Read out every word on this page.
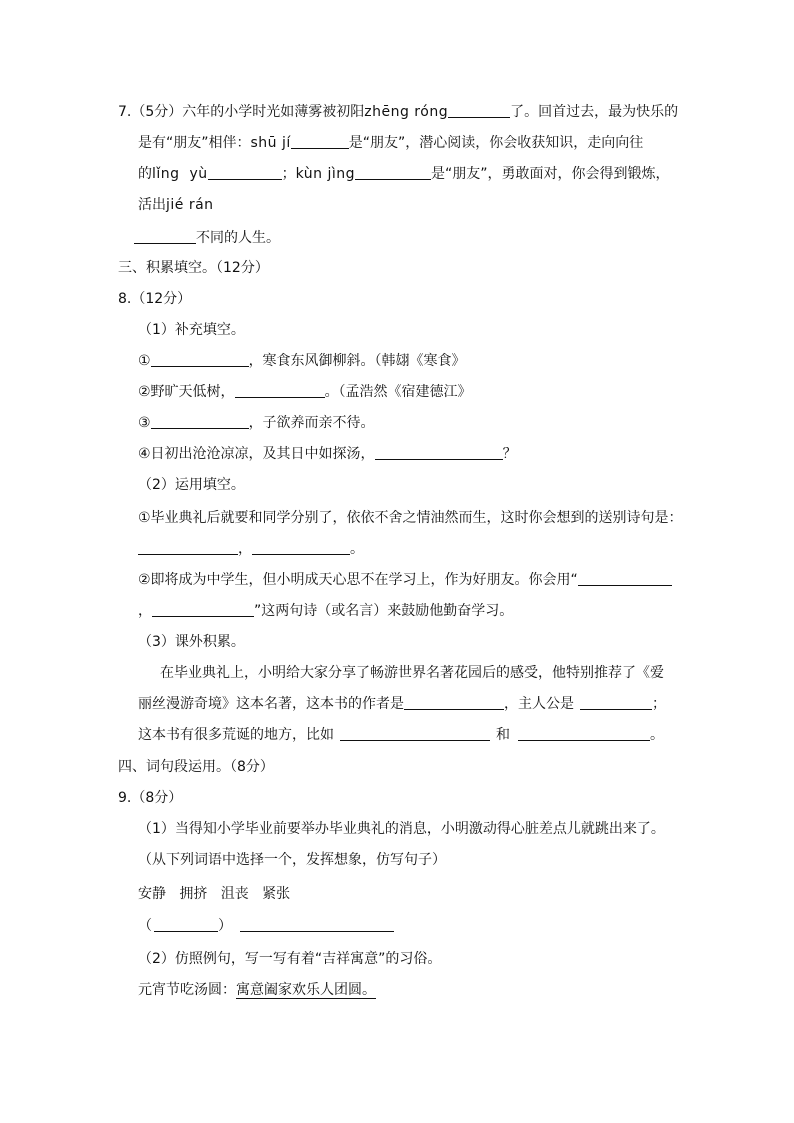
7.（5分）六年的小学时光如薄雾被初阳zhēng róng	了。回首过去，最为快乐的
是有“朋友”相伴：shū jí	是“朋友”，潜心阅读，你会收获知识，走向向往
的lǐng  yù	；kùn jìng	是“朋友”，勇敢面对，你会得到锻炼，
活出jié rán
不同的人生。
三、积累填空。（12分）
8.（12分）
（1）补充填空。
①	，寒食东风御柳斜。（韩翃《寒食》
②野旷天低树，	。（孟浩然《宿建德江》
③	，子欲养而亲不待。
④日初出沧沧凉凉，及其日中如探汤，	？
（2）运用填空。
①毕业典礼后就要和同学分别了，依依不舍之情油然而生，这时你会想到的送别诗句是：
，	。
②即将成为中学生，但小明成天心思不在学习上，作为好朋友。你会用“
，	”这两句诗（或名言）来鼓励他勤奋学习。
（3）课外积累。
在毕业典礼上，小明给大家分享了畅游世界名著花园后的感受，他特别推荐了《爱
丽丝漫游奇境》这本名著，这本书的作者是	，主人公是	；
这本书有很多荒诞的地方，比如	和	。
四、词句段运用。（8分）
9.（8分）
（1）当得知小学毕业前要举办毕业典礼的消息，小明激动得心脏差点儿就跳出来了。
（从下列词语中选择一个，发挥想象，仿写句子）
安静 拥挤 沮丧 紧张
（	）
（2）仿照例句，写一写有着“吉祥寓意”的习俗。
元宵节吃汤圆：寓意阖家欢乐人团圆。
